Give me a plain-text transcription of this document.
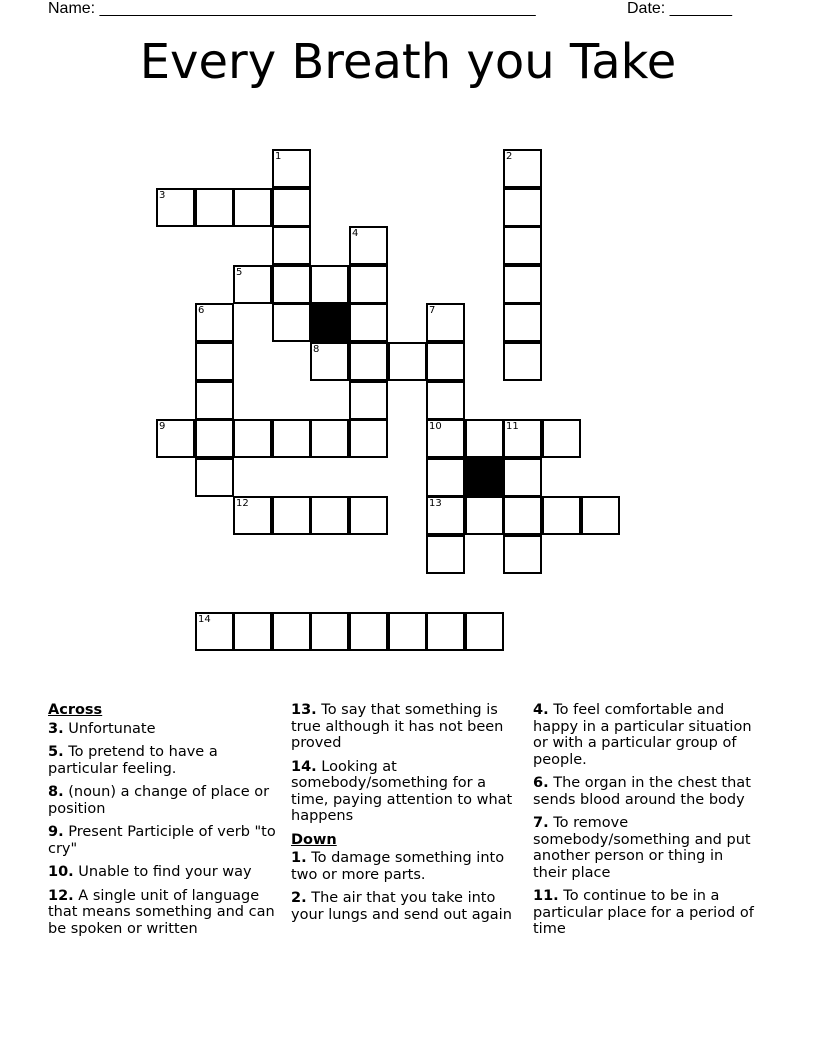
Name: _________________________________________________	Date: _______
Every Breath you Take
1	2
3
4
5
6	7
8
9	10	11
12	13
14
Across
3. Unfortunate
5. To pretend to have a particular feeling.
8. (noun) a change of place or position
9. Present Participle of verb "to cry"
10. Unable to find your way
12. A single unit of language that means something and can be spoken or written
13. To say that something is true although it has not been proved
14. Looking at somebody/something for a time, paying attention to what happens
Down
1. To damage something into two or more parts.
2. The air that you take into your lungs and send out again
4. To feel comfortable and happy in a particular situation or with a particular group of people.
6. The organ in the chest that sends blood around the body
7. To remove somebody/something and put another person or thing in their place
11. To continue to be in a particular place for a period of time
